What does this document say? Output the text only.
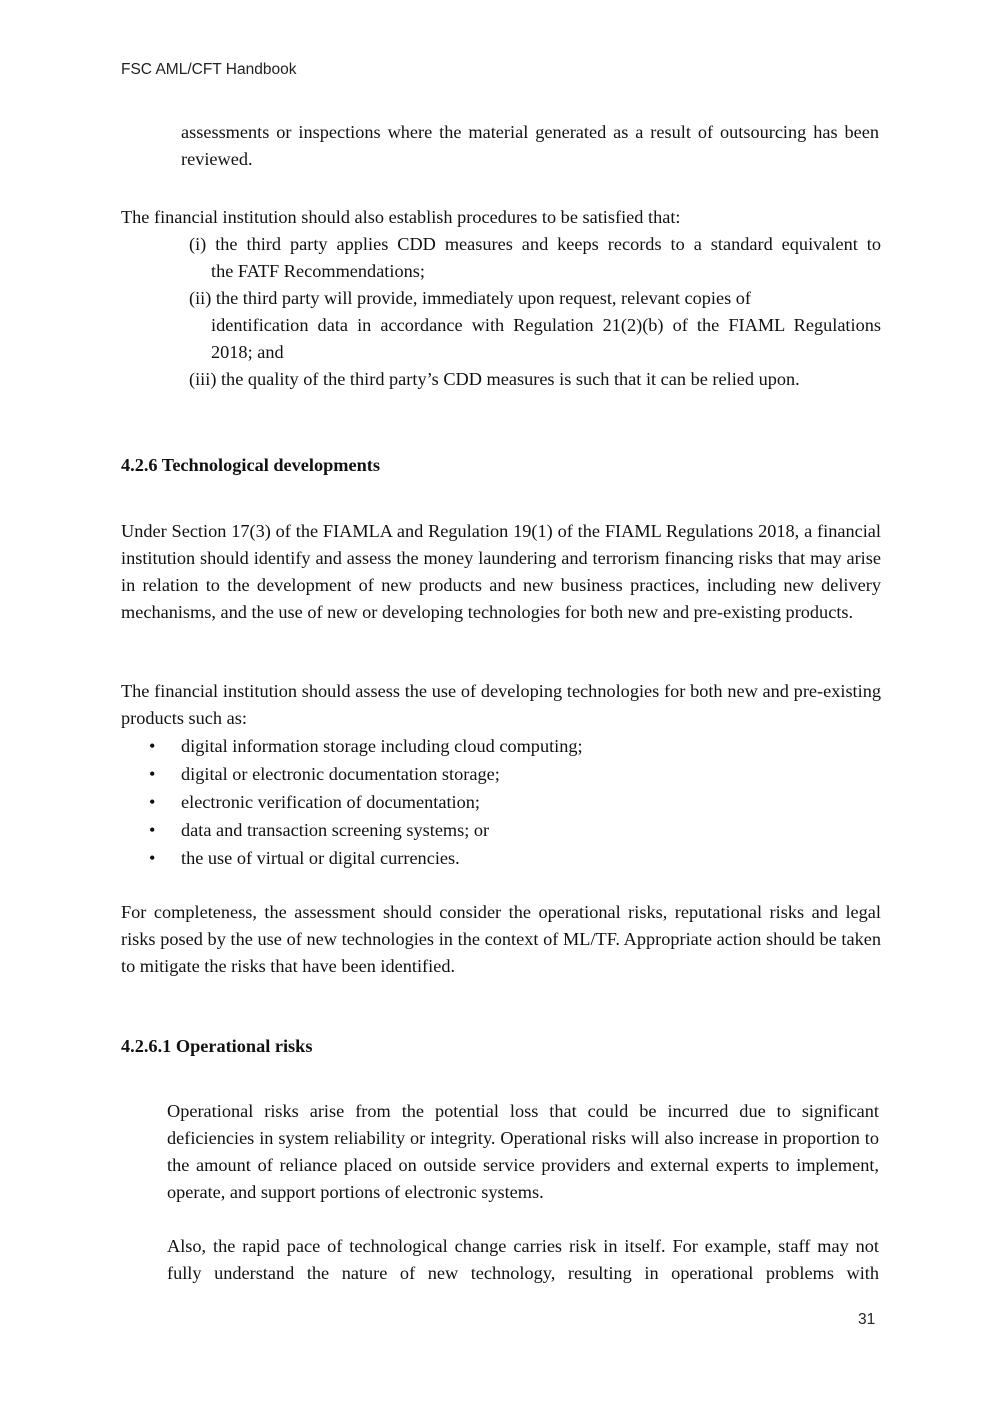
FSC AML/CFT Handbook

assessments or inspections where the material generated as a result of outsourcing has been reviewed.

The financial institution should also establish procedures to be satisfied that:

(i) the third party applies CDD measures and keeps records to a standard equivalent to

the FATF Recommendations;

(ii) the third party will provide, immediately upon request, relevant copies of

identification data in accordance with Regulation 21(2)(b) of the FIAML Regulations 2018; and

(iii) the quality of the third party’s CDD measures is such that it can be relied upon.

4.2.6 Technological developments

Under Section 17(3) of the FIAMLA and Regulation 19(1) of the FIAML Regulations 2018, a financial institution should identify and assess the money laundering and terrorism financing risks that may arise in relation to the development of new products and new business practices, including new delivery mechanisms, and the use of new or developing technologies for both new and pre-existing products.

The financial institution should assess the use of developing technologies for both new and pre-existing products such as:

• digital information storage including cloud computing;
• digital or electronic documentation storage;
• electronic verification of documentation;
• data and transaction screening systems; or
• the use of virtual or digital currencies.

For completeness, the assessment should consider the operational risks, reputational risks and legal risks posed by the use of new technologies in the context of ML/TF. Appropriate action should be taken to mitigate the risks that have been identified.

4.2.6.1 Operational risks

Operational risks arise from the potential loss that could be incurred due to significant deficiencies in system reliability or integrity. Operational risks will also increase in proportion to the amount of reliance placed on outside service providers and external experts to implement, operate, and support portions of electronic systems.

Also, the rapid pace of technological change carries risk in itself. For example, staff may not fully understand the nature of new technology, resulting in operational problems with

31
